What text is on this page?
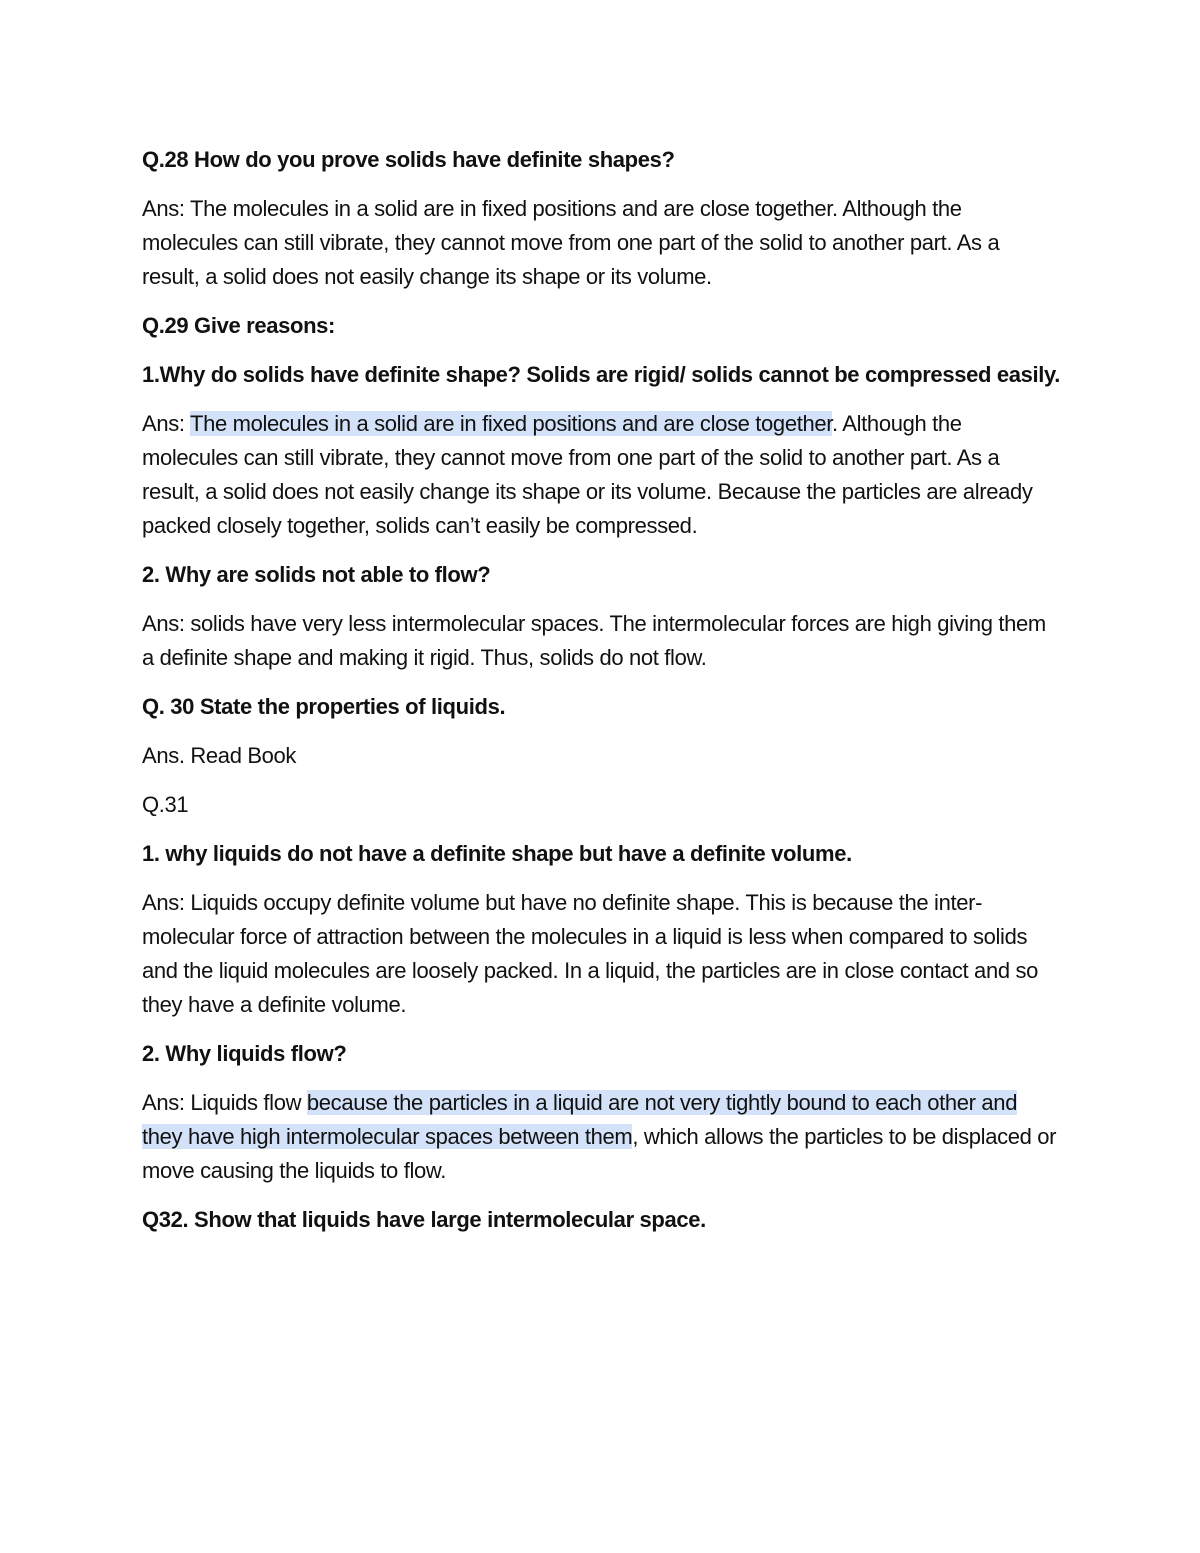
Q.28 How do you prove solids have definite shapes?

Ans: The molecules in a solid are in fixed positions and are close together. Although the molecules can still vibrate, they cannot move from one part of the solid to another part. As a result, a solid does not easily change its shape or its volume.

Q.29 Give reasons:

1.Why do solids have definite shape? Solids are rigid/ solids cannot be compressed easily.

Ans: The molecules in a solid are in fixed positions and are close together. Although the molecules can still vibrate, they cannot move from one part of the solid to another part. As a result, a solid does not easily change its shape or its volume. Because the particles are already packed closely together, solids can’t easily be compressed.

2. Why are solids not able to flow?

Ans: solids have very less intermolecular spaces. The intermolecular forces are high giving them a definite shape and making it rigid. Thus, solids do not flow.

Q. 30 State the properties of liquids.

Ans. Read Book

Q.31

1. why liquids do not have a definite shape but have a definite volume.

Ans: Liquids occupy definite volume but have no definite shape. This is because the inter-molecular force of attraction between the molecules in a liquid is less when compared to solids and the liquid molecules are loosely packed. In a liquid, the particles are in close contact and so they have a definite volume.

2. Why liquids flow?

Ans: Liquids flow because the particles in a liquid are not very tightly bound to each other and they have high intermolecular spaces between them, which allows the particles to be displaced or move causing the liquids to flow.

Q32. Show that liquids have large intermolecular space.
